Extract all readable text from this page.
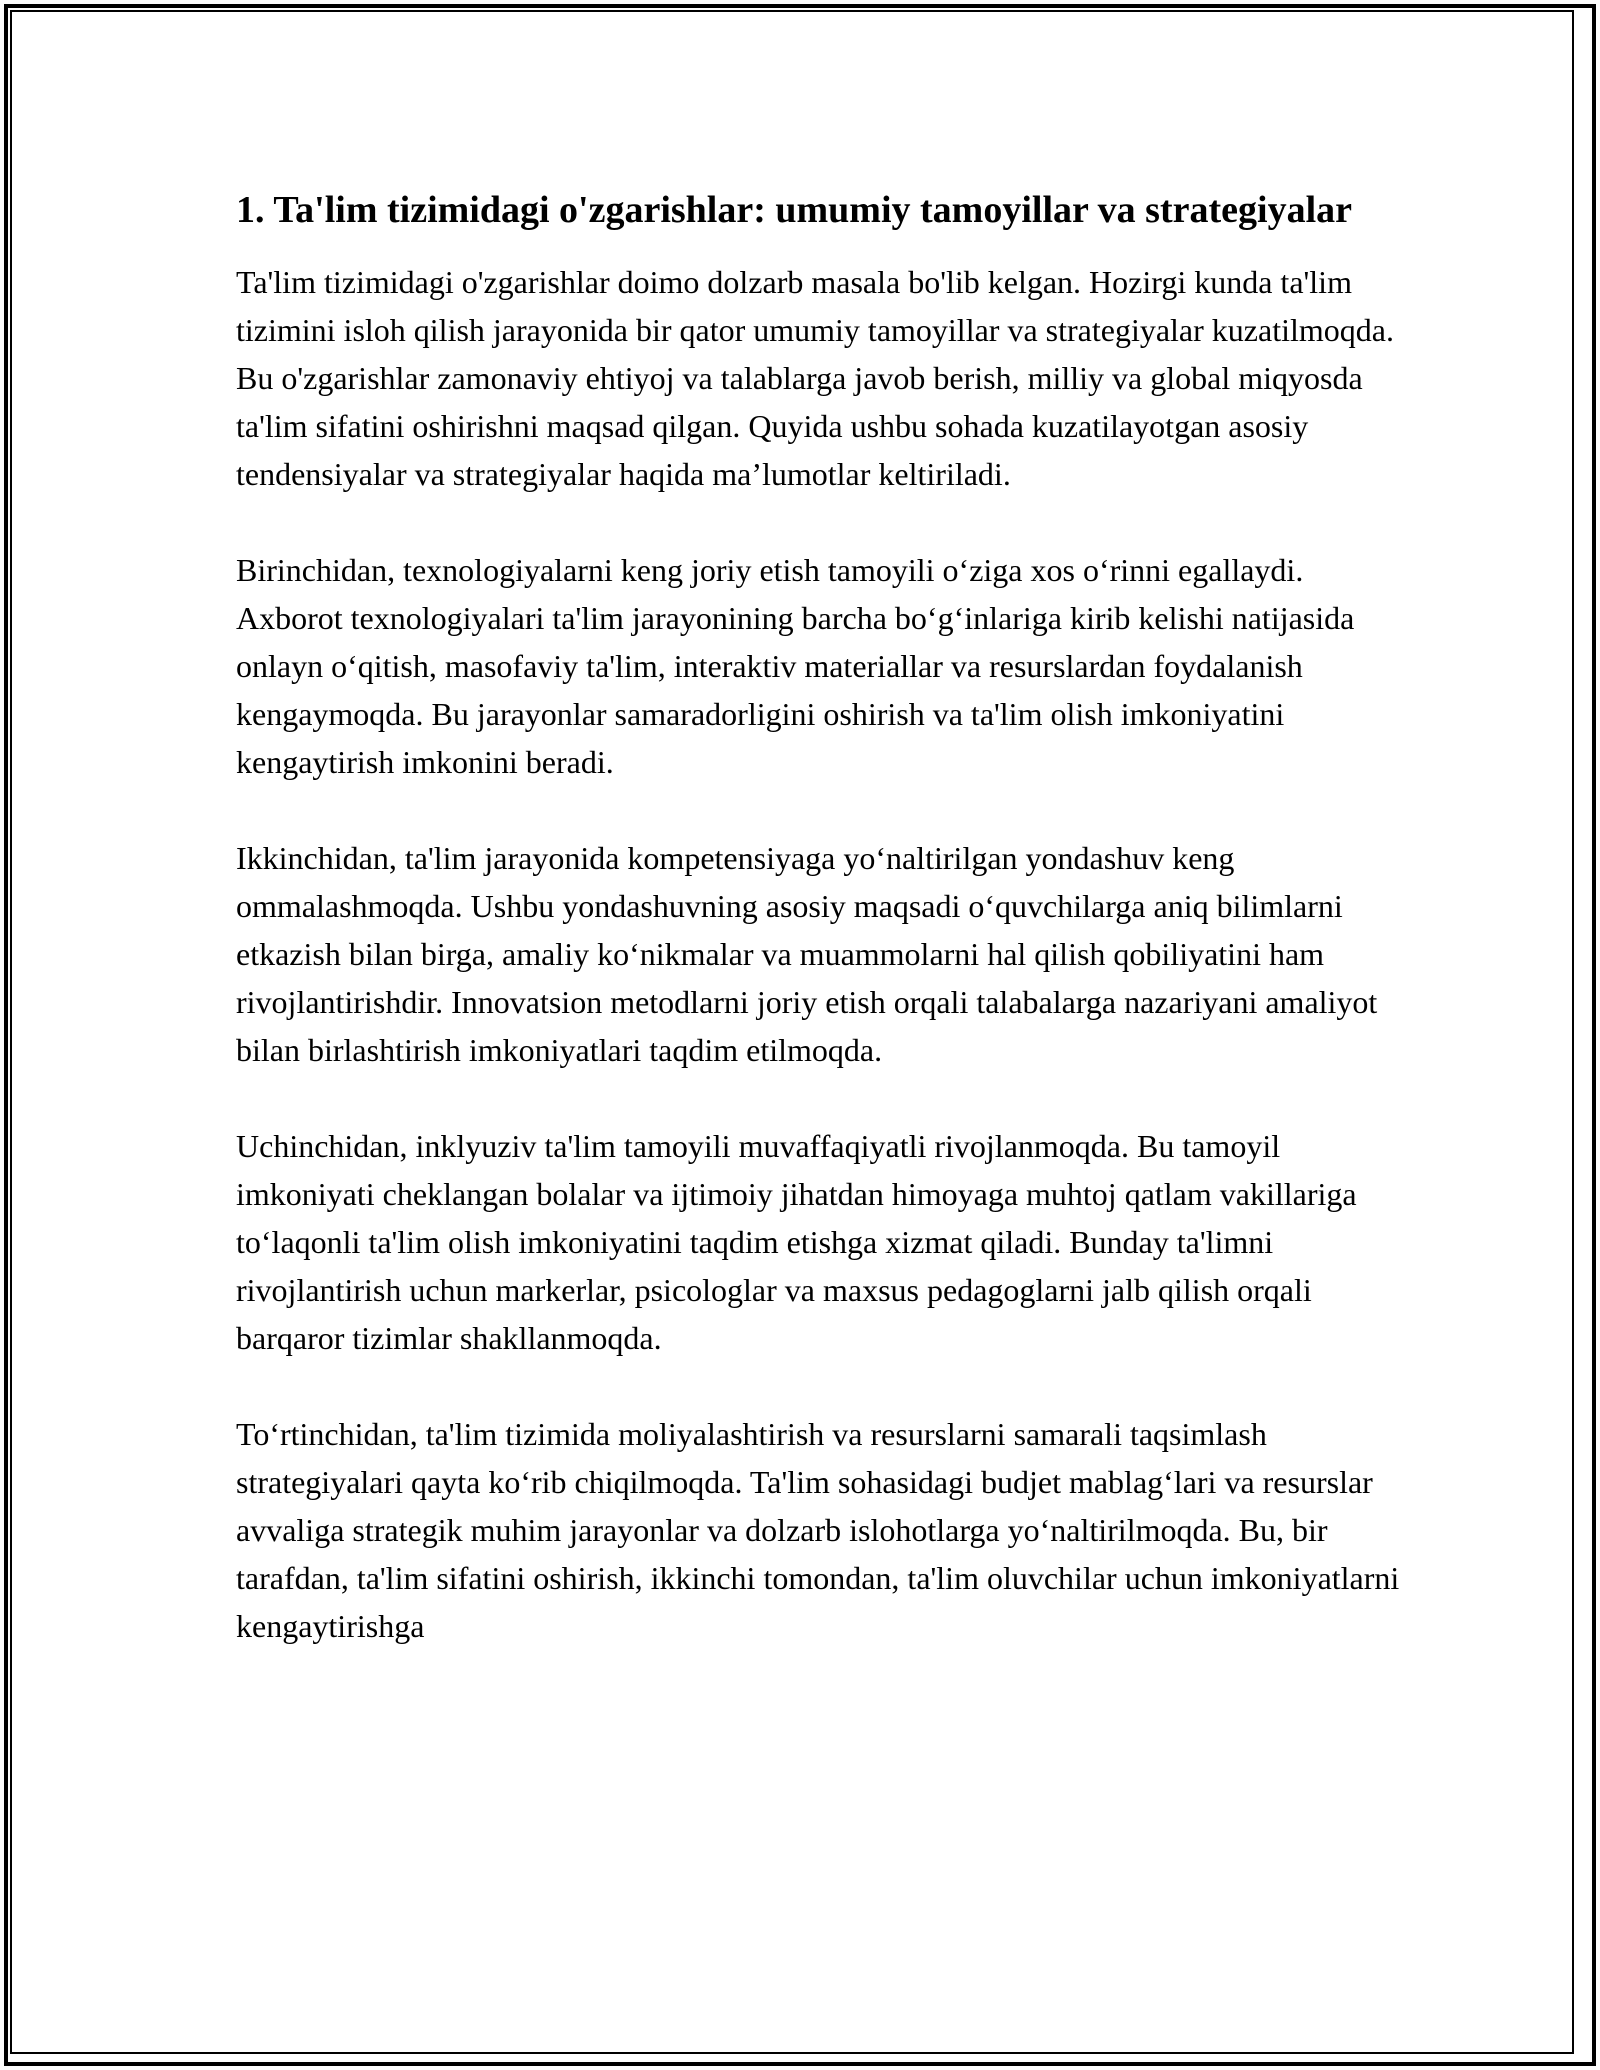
1. Ta'lim tizimidagi o'zgarishlar: umumiy tamoyillar va strategiyalar

Ta'lim tizimidagi o'zgarishlar doimo dolzarb masala bo'lib kelgan. Hozirgi kunda ta'lim tizimini isloh qilish jarayonida bir qator umumiy tamoyillar va strategiyalar kuzatilmoqda. Bu o'zgarishlar zamonaviy ehtiyoj va talablarga javob berish, milliy va global miqyosda ta'lim sifatini oshirishni maqsad qilgan. Quyida ushbu sohada kuzatilayotgan asosiy tendensiyalar va strategiyalar haqida ma’lumotlar keltiriladi.

Birinchidan, texnologiyalarni keng joriy etish tamoyili o‘ziga xos o‘rinni egallaydi. Axborot texnologiyalari ta'lim jarayonining barcha bo‘g‘inlariga kirib kelishi natijasida onlayn o‘qitish, masofaviy ta'lim, interaktiv materiallar va resurslardan foydalanish kengaymoqda. Bu jarayonlar samaradorligini oshirish va ta'lim olish imkoniyatini kengaytirish imkonini beradi.

Ikkinchidan, ta'lim jarayonida kompetensiyaga yo‘naltirilgan yondashuv keng ommalashmoqda. Ushbu yondashuvning asosiy maqsadi o‘quvchilarga aniq bilimlarni etkazish bilan birga, amaliy ko‘nikmalar va muammolarni hal qilish qobiliyatini ham rivojlantirishdir. Innovatsion metodlarni joriy etish orqali talabalarga nazariyani amaliyot bilan birlashtirish imkoniyatlari taqdim etilmoqda.

Uchinchidan, inklyuziv ta'lim tamoyili muvaffaqiyatli rivojlanmoqda. Bu tamoyil imkoniyati cheklangan bolalar va ijtimoiy jihatdan himoyaga muhtoj qatlam vakillariga to‘laqonli ta'lim olish imkoniyatini taqdim etishga xizmat qiladi. Bunday ta'limni rivojlantirish uchun markerlar, psicologlar va maxsus pedagoglarni jalb qilish orqali barqaror tizimlar shakllanmoqda.

To‘rtinchidan, ta'lim tizimida moliyalashtirish va resurslarni samarali taqsimlash strategiyalari qayta ko‘rib chiqilmoqda. Ta'lim sohasidagi budjet mablag‘lari va resurslar avvaliga strategik muhim jarayonlar va dolzarb islohotlarga yo‘naltirilmoqda. Bu, bir tarafdan, ta'lim sifatini oshirish, ikkinchi tomondan, ta'lim oluvchilar uchun imkoniyatlarni kengaytirishga
